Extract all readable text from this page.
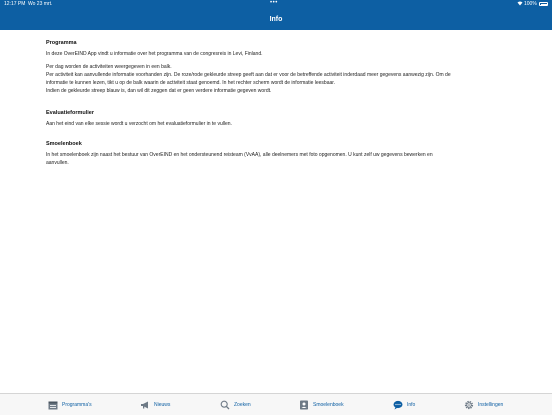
12:17 PM Wo 23 mrt.	•••	100%
Info
Programma
In deze OverEIND App vindt u informatie over het programma van de congresreis in Levi, Finland.
Per dag worden de activiteiten weergegeven in een balk.
Per activiteit kan aanvullende informatie voorhanden zijn. De roze/rode gekleurde streep geeft aan dat er voor de betreffende activiteit inderdaad meer gegevens aanwezig zijn. Om de
informatie te kunnen lezen, tikt u op de balk waarin de activiteit staat genoemd. In het rechter scherm wordt de informatie leesbaar.
Indien de gekleurde streep blauw is, dan wil dit zeggen dat er geen verdere informatie gegeven wordt.
Evaluatieformulier
Aan het eind van elke sessie wordt u verzocht om het evaluatieformulier in te vullen.
Smoelenboek
In het smoelenboek zijn naast het bestuur van OverEIND en het ondersteunend reisteam (VvAA), alle deelnemers met foto opgenomen. U kunt zelf uw gegevens bewerken en
aanvullen.
Programma's	Nieuws	Zoeken	Smoelenboek	Info	Instellingen
